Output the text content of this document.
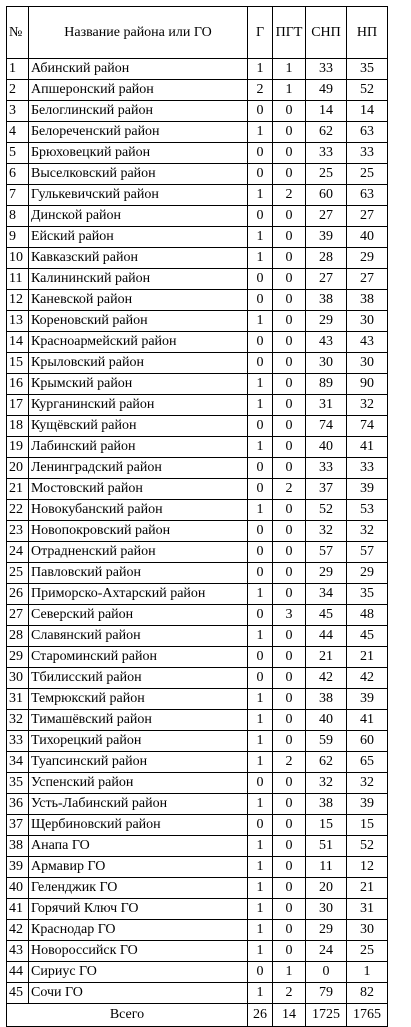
№	Название района или ГО	Г	ПГТ	СНП	НП
1	Абинский район	1	1	33	35
2	Апшеронский район	2	1	49	52
3	Белоглинский район	0	0	14	14
4	Белореченский район	1	0	62	63
5	Брюховецкий район	0	0	33	33
6	Выселковский район	0	0	25	25
7	Гулькевичский район	1	2	60	63
8	Динской район	0	0	27	27
9	Ейский район	1	0	39	40
10	Кавказский район	1	0	28	29
11	Калининский район	0	0	27	27
12	Каневской район	0	0	38	38
13	Кореновский район	1	0	29	30
14	Красноармейский район	0	0	43	43
15	Крыловский район	0	0	30	30
16	Крымский район	1	0	89	90
17	Курганинский район	1	0	31	32
18	Кущёвский район	0	0	74	74
19	Лабинский район	1	0	40	41
20	Ленинградский район	0	0	33	33
21	Мостовский район	0	2	37	39
22	Новокубанский район	1	0	52	53
23	Новопокровский район	0	0	32	32
24	Отрадненский район	0	0	57	57
25	Павловский район	0	0	29	29
26	Приморско-Ахтарский район	1	0	34	35
27	Северский район	0	3	45	48
28	Славянский район	1	0	44	45
29	Староминский район	0	0	21	21
30	Тбилисский район	0	0	42	42
31	Темрюкский район	1	0	38	39
32	Тимашёвский район	1	0	40	41
33	Тихорецкий район	1	0	59	60
34	Туапсинский район	1	2	62	65
35	Успенский район	0	0	32	32
36	Усть-Лабинский район	1	0	38	39
37	Щербиновский район	0	0	15	15
38	Анапа ГО	1	0	51	52
39	Армавир ГО	1	0	11	12
40	Геленджик ГО	1	0	20	21
41	Горячий Ключ ГО	1	0	30	31
42	Краснодар ГО	1	0	29	30
43	Новороссийск ГО	1	0	24	25
44	Сириус ГО	0	1	0	1
45	Сочи ГО	1	2	79	82
Всего		26	14	1725	1765
